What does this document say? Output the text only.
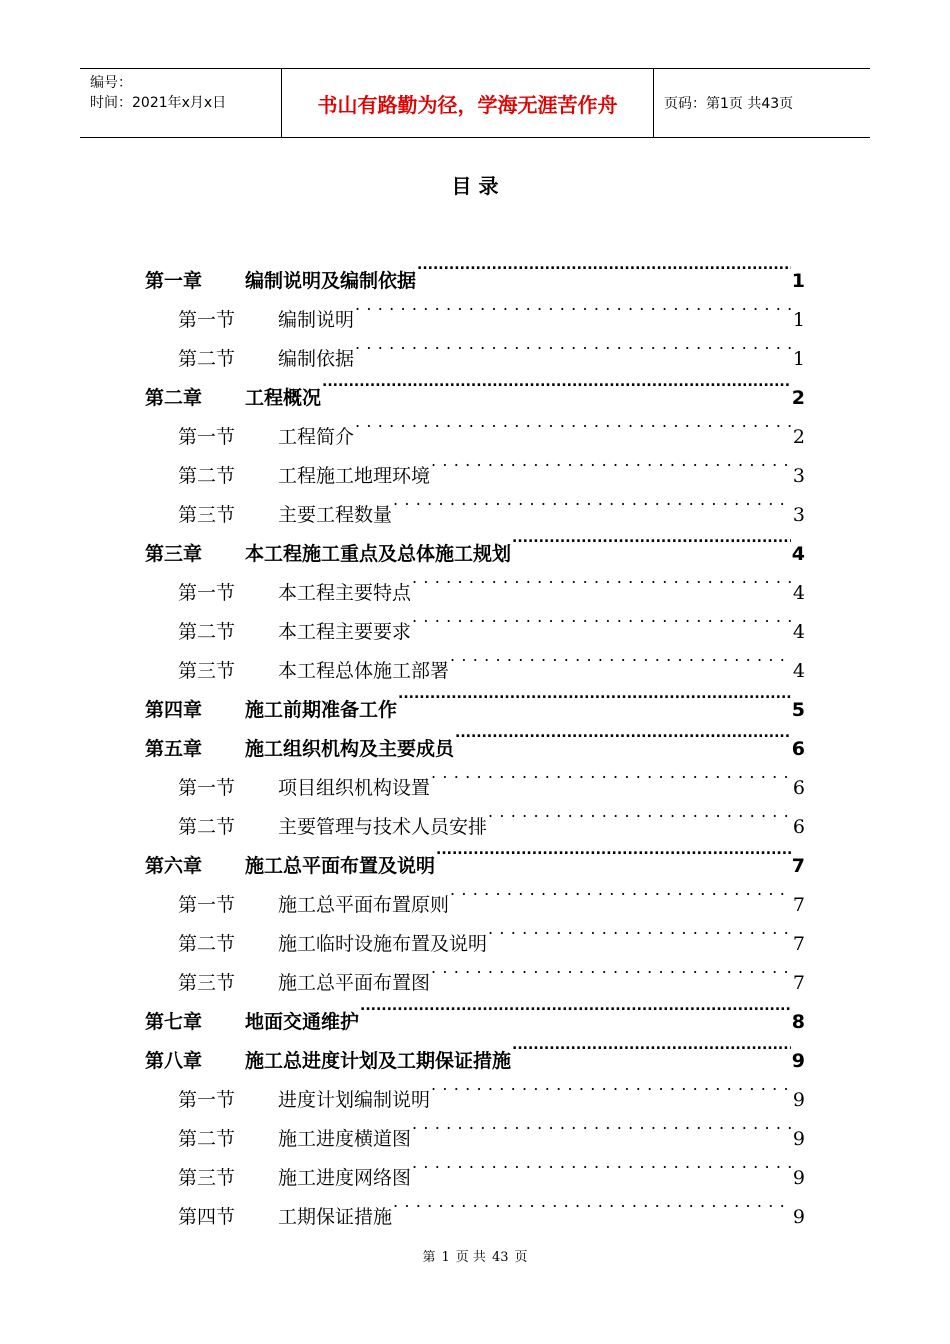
编号：
时间：2021年x月x日	书山有路勤为径，学海无涯苦作舟	页码：第1页 共43页
目 录
第一章	编制说明及编制依据 .....	1
第一节	编制说明 . . .	1
第二节	编制依据 . . .	1
第二章	工程概况 .....	2
第一节	工程简介 . . .	2
第二节	工程施工地理环境 . . .	3
第三节	主要工程数量 . . .	3
第三章	本工程施工重点及总体施工规划 .....	4
第一节	本工程主要特点 . . .	4
第二节	本工程主要要求 . . .	4
第三节	本工程总体施工部署 . . .	4
第四章	施工前期准备工作 .....	5
第五章	施工组织机构及主要成员 .....	6
第一节	项目组织机构设置 . . .	6
第二节	主要管理与技术人员安排 . . .	6
第六章	施工总平面布置及说明 .....	7
第一节	施工总平面布置原则 . . .	7
第二节	施工临时设施布置及说明 . . .	7
第三节	施工总平面布置图 . . .	7
第七章	地面交通维护 .....	8
第八章	施工总进度计划及工期保证措施 .....	9
第一节	进度计划编制说明 . . .	9
第二节	施工进度横道图 . . .	9
第三节	施工进度网络图 . . .	9
第四节	工期保证措施 . . .	9
第 1 页 共 43 页
